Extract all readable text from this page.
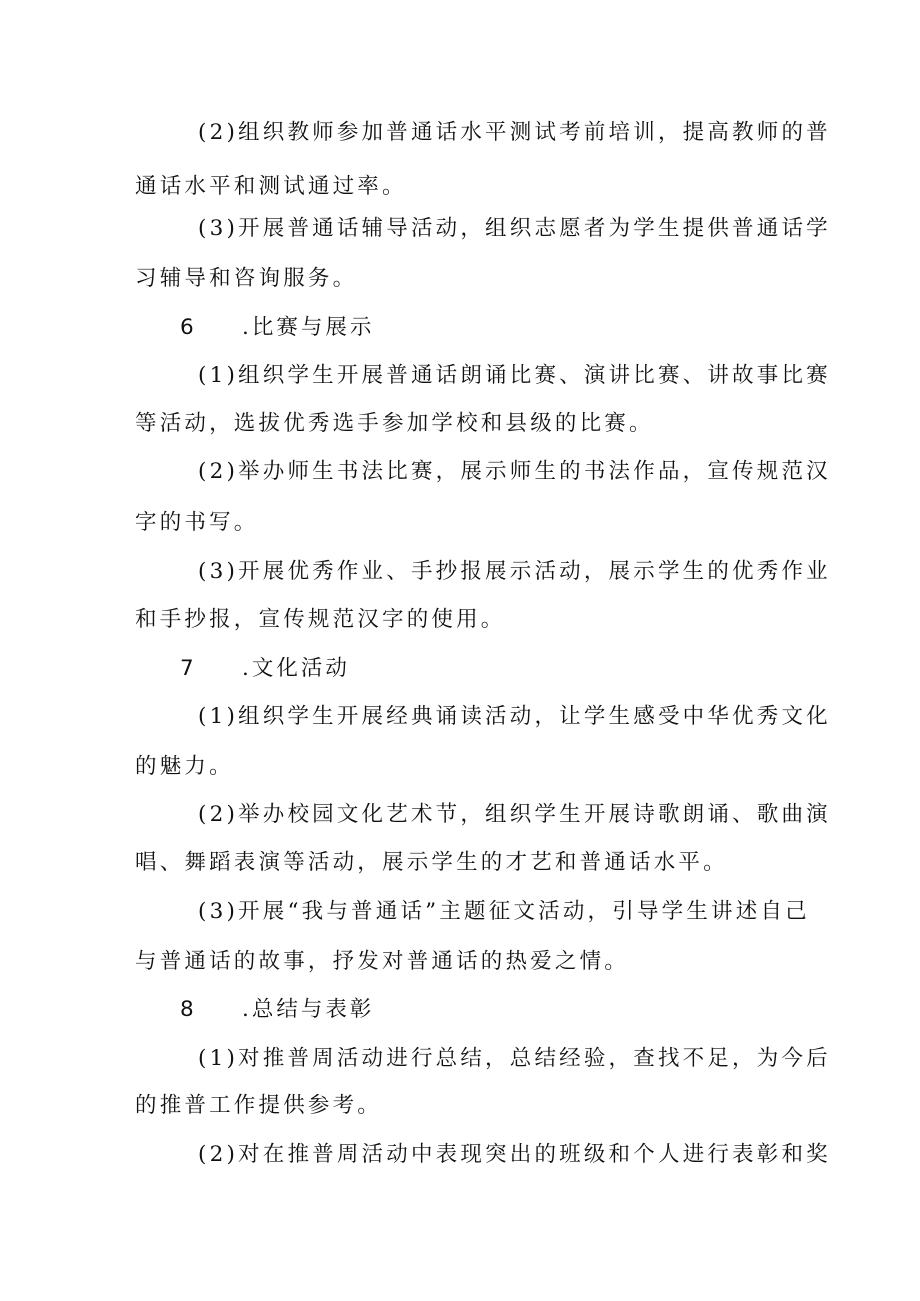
(2)组织教师参加普通话水平测试考前培训，提高教师的普
通话水平和测试通过率。
(3)开展普通话辅导活动，组织志愿者为学生提供普通话学
习辅导和咨询服务。
6 .比赛与展示
(1)组织学生开展普通话朗诵比赛、演讲比赛、讲故事比赛
等活动，选拔优秀选手参加学校和县级的比赛。
(2)举办师生书法比赛，展示师生的书法作品，宣传规范汉
字的书写。
(3)开展优秀作业、手抄报展示活动，展示学生的优秀作业
和手抄报，宣传规范汉字的使用。
7 .文化活动
(1)组织学生开展经典诵读活动，让学生感受中华优秀文化
的魅力。
(2)举办校园文化艺术节，组织学生开展诗歌朗诵、歌曲演
唱、舞蹈表演等活动，展示学生的才艺和普通话水平。
(3)开展“我与普通话”主题征文活动，引导学生讲述自己
与普通话的故事，抒发对普通话的热爱之情。
8 .总结与表彰
(1)对推普周活动进行总结，总结经验，查找不足，为今后
的推普工作提供参考。
(2)对在推普周活动中表现突出的班级和个人进行表彰和奖
